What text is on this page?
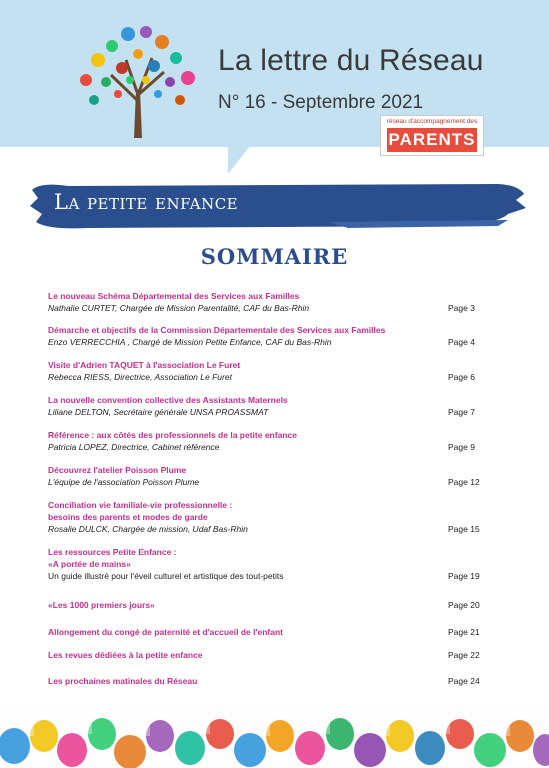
La lettre du Réseau
N° 16 - Septembre 2021
réseau d'accompagnement des
PARENTS
La petite enfance
SOMMAIRE
Le nouveau Schéma Départemental des Services aux Familles
Nathalie CURTET, Chargée de Mission Parentalité, CAF du Bas-Rhin	Page 3
Démarche et objectifs de la Commission Départementale des Services aux Familles
Enzo VERRECCHIA , Chargé de Mission Petite Enfance, CAF du Bas-Rhin	Page 4
Visite d'Adrien TAQUET à l'association Le Furet
Rebecca RIESS, Directrice, Association Le Furet	Page 6
La nouvelle convention collective des Assistants Maternels
Liliane DELTON, Secrétaire générale UNSA PROASSMAT	Page 7
Référence : aux côtés des professionnels de la petite enfance
Patricia LOPEZ, Directrice, Cabinet référence	Page 9
Découvrez l'atelier Poisson Plume
L'équipe de l'association Poisson Plume	Page 12
Conciliation vie familiale-vie professionnelle :
besoins des parents et modes de garde
Rosalie DULCK, Chargée de mission, Udaf Bas-Rhin	Page 15
Les ressources Petite Enfance :
«A portée de mains»
Un guide illustré pour l'éveil culturel et artistique des tout-petits	Page 19
«Les 1000 premiers jours»	Page 20
Allongement du congé de paternité et d'accueil de l'enfant	Page 21
Les revues dédiées à la petite enfance	Page 22
Les prochaines matinales du Réseau	Page 24
